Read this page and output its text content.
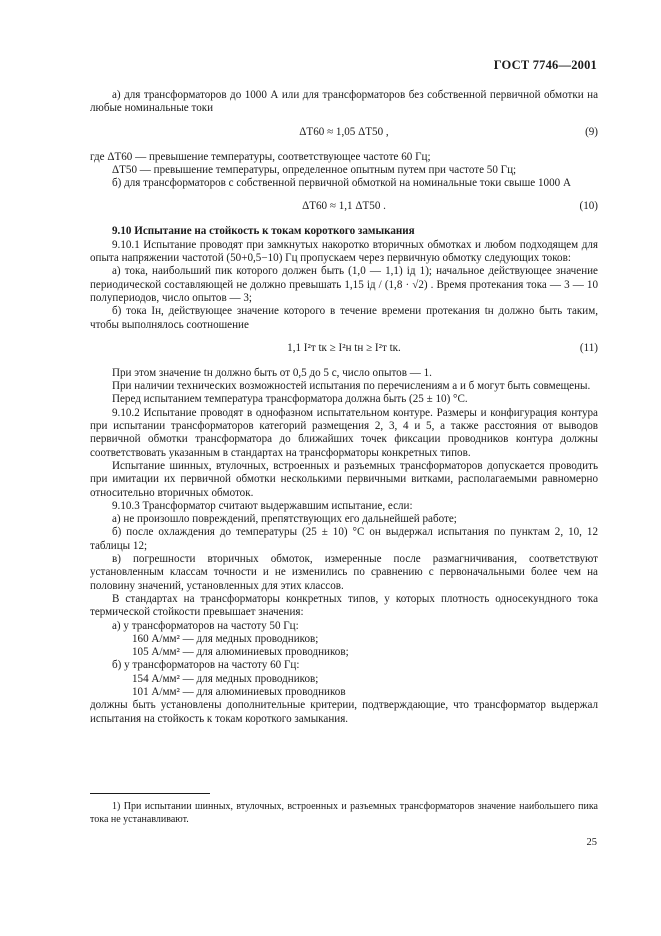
ГОСТ 7746—2001

а) для трансформаторов до 1000 А или для трансформаторов без собственной первичной обмотки на любые номинальные токи

ΔT60 ≈ 1,05 ΔT50 ,	(9)

где ΔT60 — превышение температуры, соответствующее частоте 60 Гц;

ΔT50 — превышение температуры, определенное опытным путем при частоте 50 Гц;

б) для трансформаторов с собственной первичной обмоткой на номинальные токи свыше 1000 А

ΔT60 ≈ 1,1 ΔT50 .	(10)

9.10 Испытание на стойкость к токам короткого замыкания

9.10.1 Испытание проводят при замкнутых накоротко вторичных обмотках и любом подходящем для опыта напряжении частотой (50+0,5−10) Гц пропускаем через первичную обмотку следующих токов:

а) тока, наибольший пик которого должен быть (1,0 — 1,1) iд 1); начальное действующее значение периодической составляющей не должно превышать 1,15 iд / (1,8 · √2) . Время протекания тока — 3 — 10 полупериодов, число опытов — 3;

б) тока Iн, действующее значение которого в течение времени протекания tн должно быть таким, чтобы выполнялось соотношение

1,1 I²т tк ≥ I²н tн ≥ I²т tк.	(11)

При этом значение tн должно быть от 0,5 до 5 с, число опытов — 1.

При наличии технических возможностей испытания по перечислениям а и б могут быть совмещены.

Перед испытанием температура трансформатора должна быть (25 ± 10) °С.

9.10.2 Испытание проводят в однофазном испытательном контуре. Размеры и конфигурация контура при испытании трансформаторов категорий размещения 2, 3, 4 и 5, а также расстояния от выводов первичной обмотки трансформатора до ближайших точек фиксации проводников контура должны соответствовать указанным в стандартах на трансформаторы конкретных типов.

Испытание шинных, втулочных, встроенных и разъемных трансформаторов допускается проводить при имитации их первичной обмотки несколькими первичными витками, располагаемыми равномерно относительно вторичных обмоток.

9.10.3 Трансформатор считают выдержавшим испытание, если:

а) не произошло повреждений, препятствующих его дальнейшей работе;

б) после охлаждения до температуры (25 ± 10) °С он выдержал испытания по пунктам 2, 10, 12 таблицы 12;

в) погрешности вторичных обмоток, измеренные после размагничивания, соответствуют установленным классам точности и не изменились по сравнению с первоначальными более чем на половину значений, установленных для этих классов.

В стандартах на трансформаторы конкретных типов, у которых плотность односекундного тока термической стойкости превышает значения:

а) у трансформаторов на частоту 50 Гц:

160 А/мм² — для медных проводников;

105 А/мм² — для алюминиевых проводников;

б) у трансформаторов на частоту 60 Гц:

154 А/мм² — для медных проводников;

101 А/мм² — для алюминиевых проводников

должны быть установлены дополнительные критерии, подтверждающие, что трансформатор выдержал испытания на стойкость к токам короткого замыкания.

1) При испытании шинных, втулочных, встроенных и разъемных трансформаторов значение наибольшего пика тока не устанавливают.
25
